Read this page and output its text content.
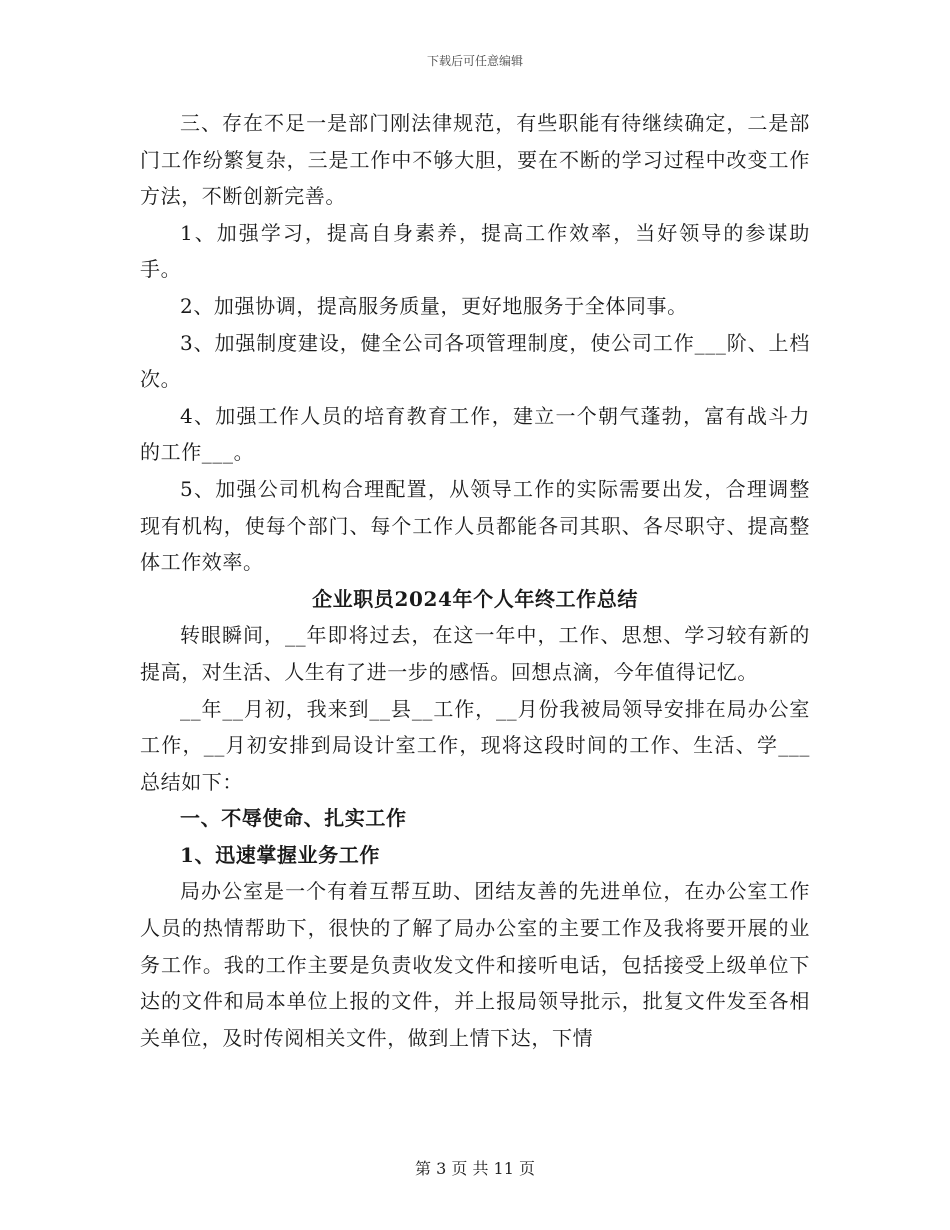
下载后可任意编辑

三、存在不足一是部门刚法律规范，有些职能有待继续确定，二是部门工作纷繁复杂，三是工作中不够大胆，要在不断的学习过程中改变工作方法，不断创新完善。

1、加强学习，提高自身素养，提高工作效率，当好领导的参谋助手。

2、加强协调，提高服务质量，更好地服务于全体同事。

3、加强制度建设，健全公司各项管理制度，使公司工作___阶、上档次。

4、加强工作人员的培育教育工作，建立一个朝气蓬勃，富有战斗力的工作___。

5、加强公司机构合理配置，从领导工作的实际需要出发，合理调整现有机构，使每个部门、每个工作人员都能各司其职、各尽职守、提高整体工作效率。

企业职员2024年个人年终工作总结

转眼瞬间，__年即将过去，在这一年中，工作、思想、学习较有新的提高，对生活、人生有了进一步的感悟。回想点滴，今年值得记忆。

__年__月初，我来到__县__工作，__月份我被局领导安排在局办公室工作，__月初安排到局设计室工作，现将这段时间的工作、生活、学___总结如下：

一、不辱使命、扎实工作

1、迅速掌握业务工作

局办公室是一个有着互帮互助、团结友善的先进单位，在办公室工作人员的热情帮助下，很快的了解了局办公室的主要工作及我将要开展的业务工作。我的工作主要是负责收发文件和接听电话，包括接受上级单位下达的文件和局本单位上报的文件，并上报局领导批示，批复文件发至各相关单位，及时传阅相关文件，做到上情下达，下情

第 3 页 共 11 页
